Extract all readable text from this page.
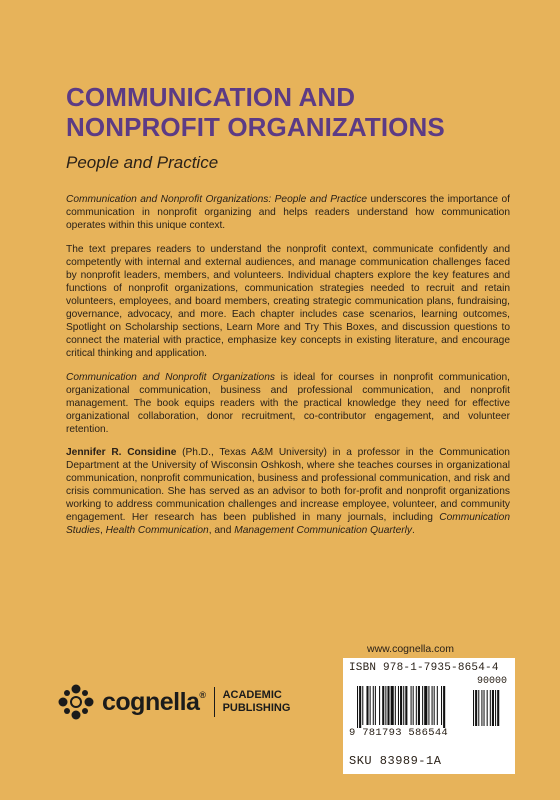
COMMUNICATION AND
NONPROFIT ORGANIZATIONS

People and Practice

Communication and Nonprofit Organizations: People and Practice underscores the importance of communication in nonprofit organizing and helps readers understand how communication operates within this unique context.

The text prepares readers to understand the nonprofit context, communicate confidently and competently with internal and external audiences, and manage communication challenges faced by nonprofit leaders, members, and volunteers. Individual chapters explore the key features and functions of nonprofit organizations, communication strategies needed to recruit and retain volunteers, employees, and board members, creating strategic communication plans, fundraising, governance, advocacy, and more. Each chapter includes case scenarios, learning outcomes, Spotlight on Scholarship sections, Learn More and Try This Boxes, and discussion questions to connect the material with practice, emphasize key concepts in existing literature, and encourage critical thinking and application.

Communication and Nonprofit Organizations is ideal for courses in nonprofit communication, organizational communication, business and professional communication, and nonprofit management. The book equips readers with the practical knowledge they need for effective organizational collaboration, donor recruitment, co-contributor engagement, and volunteer retention.

Jennifer R. Considine (Ph.D., Texas A&M University) in a professor in the Communication Department at the University of Wisconsin Oshkosh, where she teaches courses in organizational communication, nonprofit communication, business and professional communication, and risk and crisis communication. She has served as an advisor to both for-profit and nonprofit organizations working to address communication challenges and increase employee, volunteer, and community engagement. Her research has been published in many journals, including Communication Studies, Health Communication, and Management Communication Quarterly.

cognella® ACADEMIC
PUBLISHING
www.cognella.com
ISBN 978-1-7935-8654-4
90000
9 781793 586544
SKU 83989-1A
